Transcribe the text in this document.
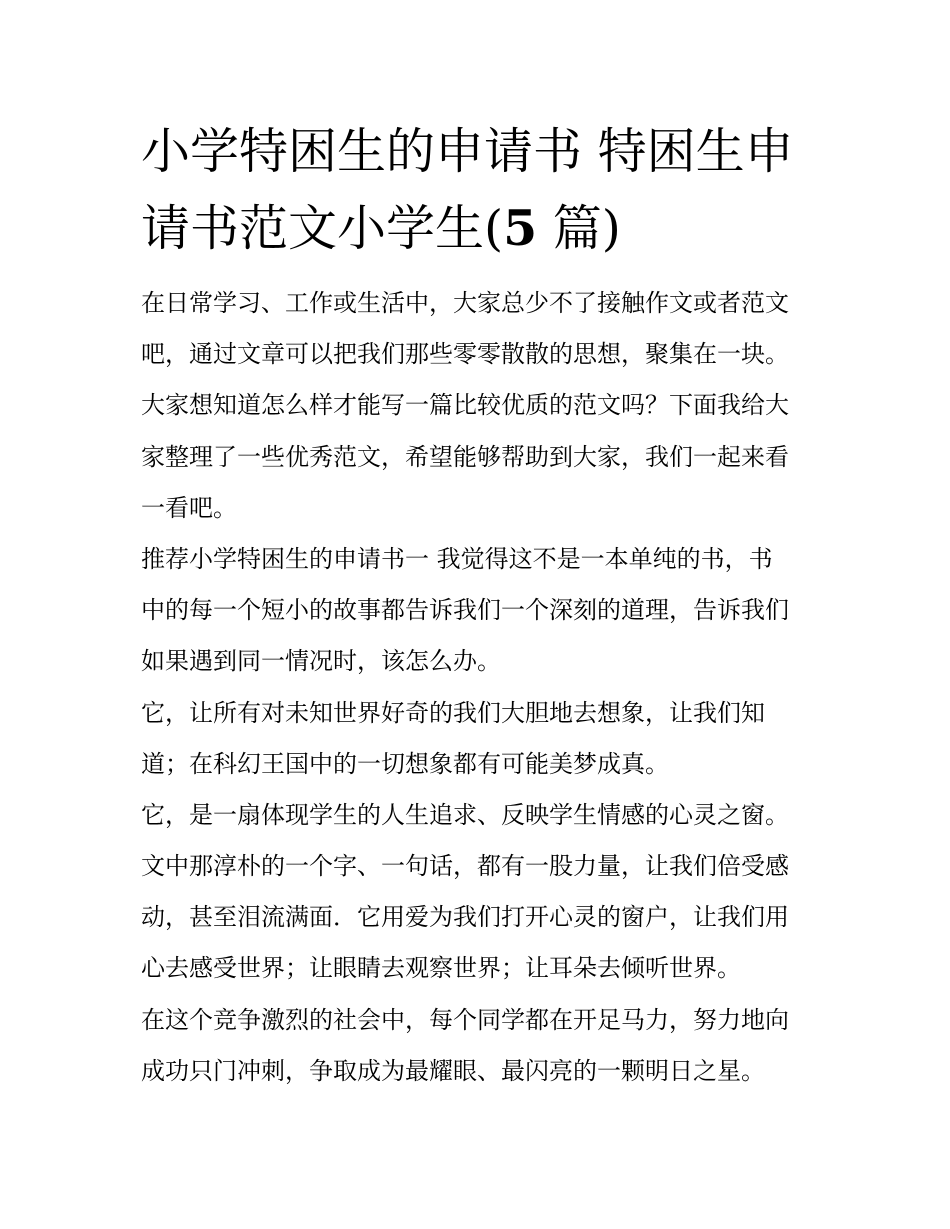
小学特困生的申请书 特困生申
请书范文小学生(5 篇)

在日常学习、工作或生活中，大家总少不了接触作文或者范文

吧，通过文章可以把我们那些零零散散的思想，聚集在一块。

大家想知道怎么样才能写一篇比较优质的范文吗？下面我给大

家整理了一些优秀范文，希望能够帮助到大家，我们一起来看

一看吧。

推荐小学特困生的申请书一 我觉得这不是一本单纯的书，书

中的每一个短小的故事都告诉我们一个深刻的道理，告诉我们

如果遇到同一情况时，该怎么办。

它，让所有对未知世界好奇的我们大胆地去想象，让我们知

道；在科幻王国中的一切想象都有可能美梦成真。

它，是一扇体现学生的人生追求、反映学生情感的心灵之窗。

文中那淳朴的一个字、一句话，都有一股力量，让我们倍受感

动，甚至泪流满面．它用爱为我们打开心灵的窗户，让我们用

心去感受世界；让眼睛去观察世界；让耳朵去倾听世界。

在这个竞争激烈的社会中，每个同学都在开足马力，努力地向

成功只门冲刺，争取成为最耀眼、最闪亮的一颗明日之星。
